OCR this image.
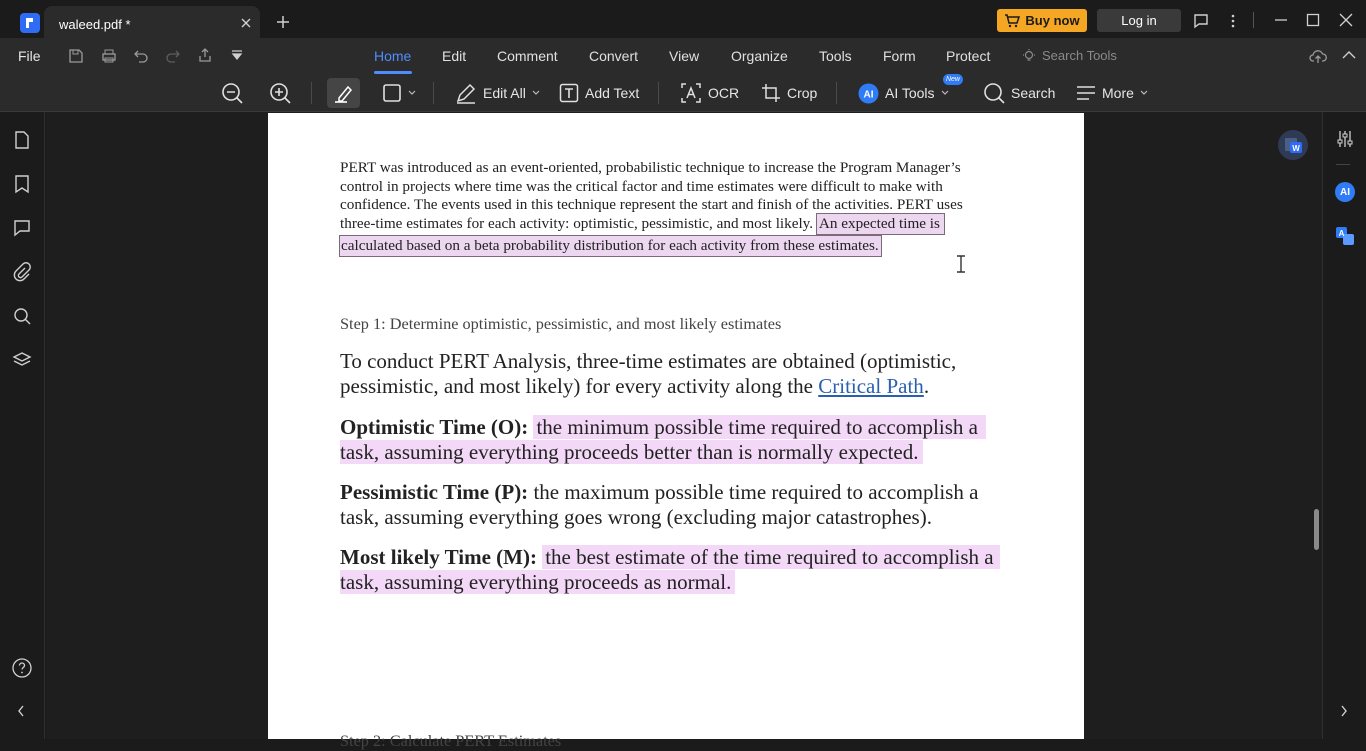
waleed.pdf *	Buy now	Log in
File	Home Edit Comment Convert View Organize Tools Form Protect	Search Tools
Edit All	Add Text	OCR	Crop	AI AI Tools	Search	More
New
PERT was introduced as an event-oriented, probabilistic technique to increase the Program Manager’s
control in projects where time was the critical factor and time estimates were difficult to make with
confidence. The events used in this technique represent the start and finish of the activities. PERT uses
three-time estimates for each activity: optimistic, pessimistic, and most likely. An expected time is
calculated based on a beta probability distribution for each activity from these estimates.
Step 1: Determine optimistic, pessimistic, and most likely estimates
To conduct PERT Analysis, three-time estimates are obtained (optimistic,
pessimistic, and most likely) for every activity along the Critical Path.
Optimistic Time (O): the minimum possible time required to accomplish a
task, assuming everything proceeds better than is normally expected.
Pessimistic Time (P): the maximum possible time required to accomplish a
task, assuming everything goes wrong (excluding major catastrophes).
Most likely Time (M): the best estimate of the time required to accomplish a
task, assuming everything proceeds as normal.
Step 2: Calculate PERT Estimates
W
AI
A
